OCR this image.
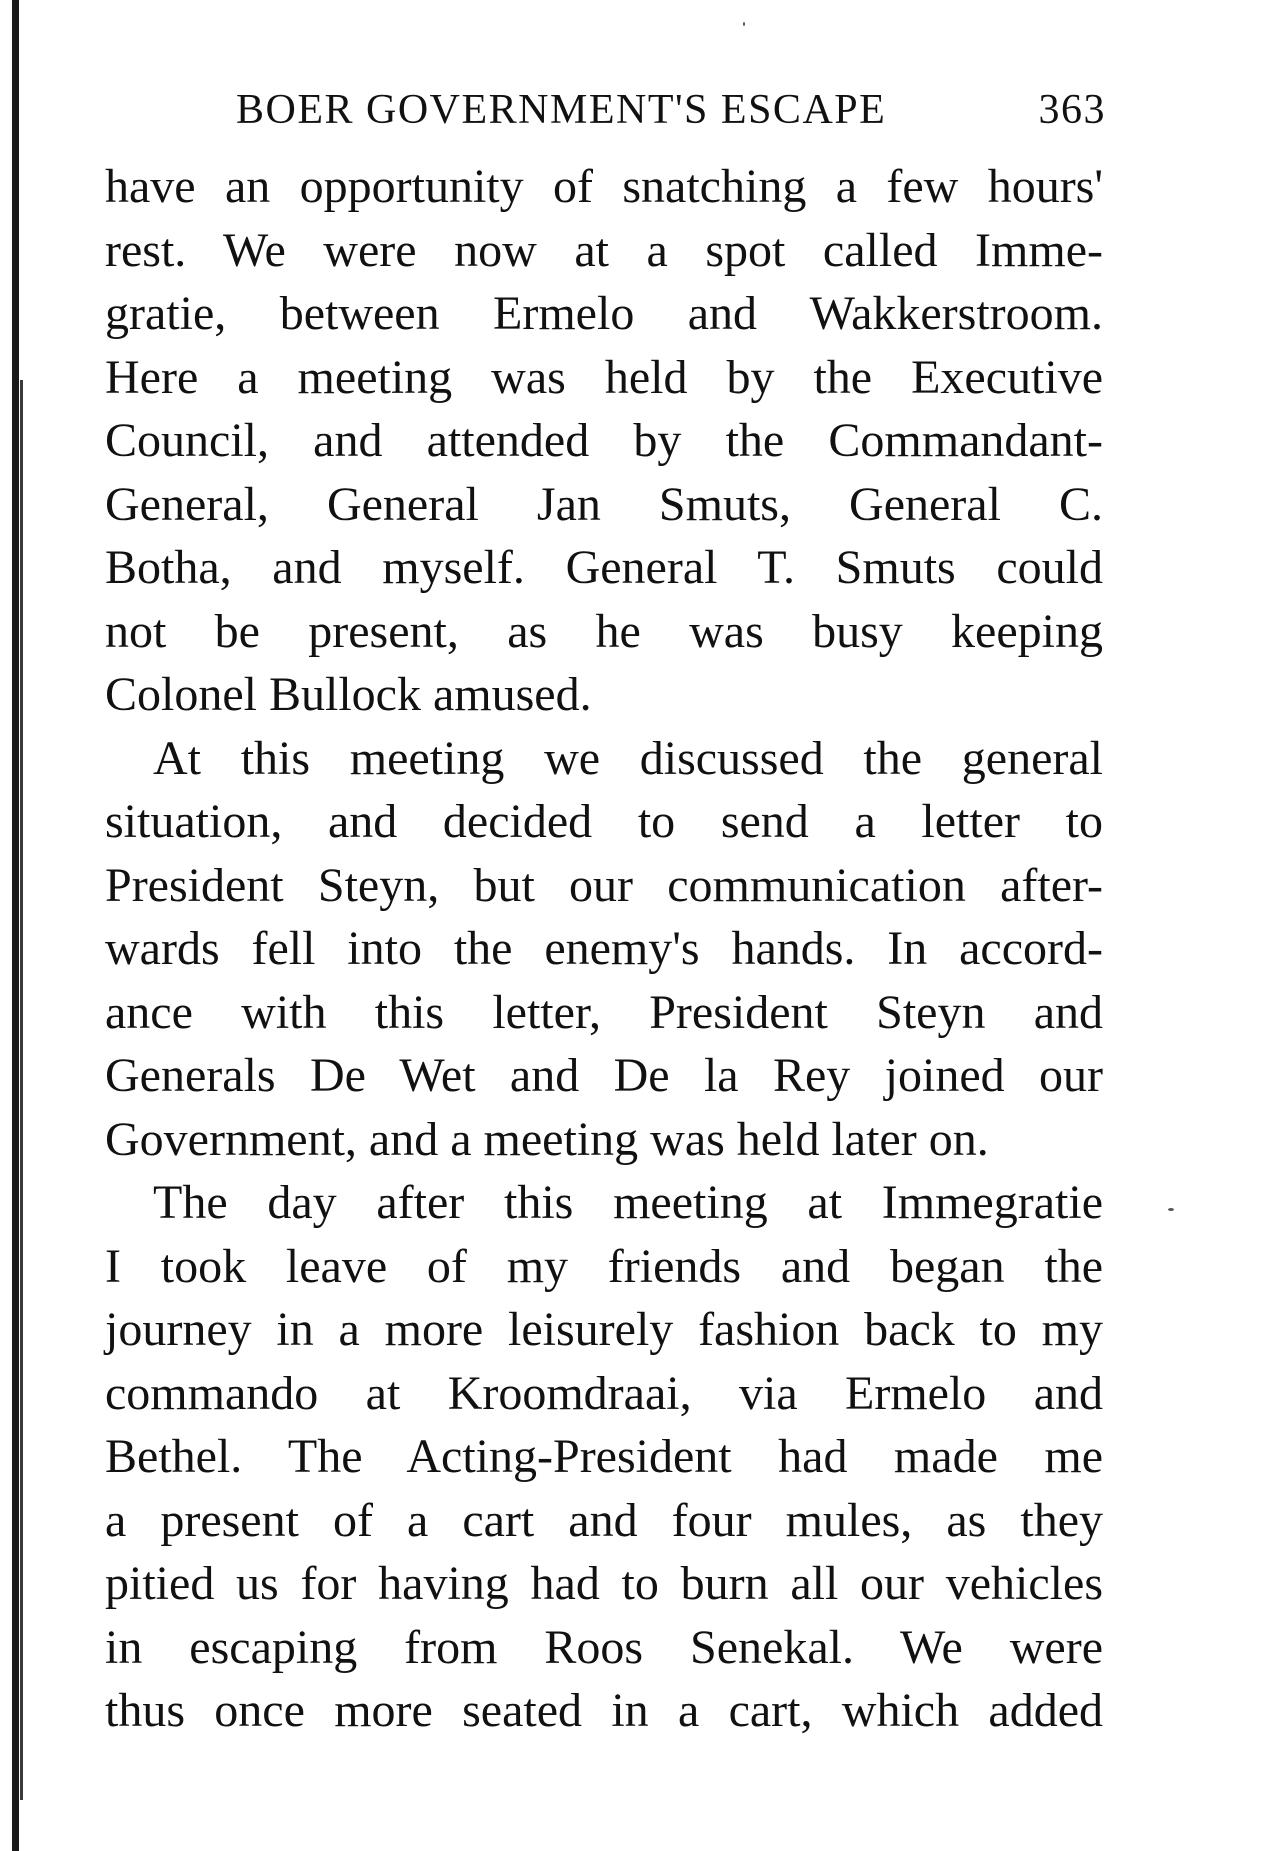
BOER GOVERNMENT'S ESCAPE	363
have an opportunity of snatching a few hours'
rest. We were now at a spot called Imme-
gratie, between Ermelo and Wakkerstroom.
Here a meeting was held by the Executive
Council, and attended by the Commandant-
General, General Jan Smuts, General C.
Botha, and myself. General T. Smuts could
not be present, as he was busy keeping
Colonel Bullock amused.
At this meeting we discussed the general
situation, and decided to send a letter to
President Steyn, but our communication after-
wards fell into the enemy's hands. In accord-
ance with this letter, President Steyn and
Generals De Wet and De la Rey joined our
Government, and a meeting was held later on.
The day after this meeting at Immegratie
I took leave of my friends and began the
journey in a more leisurely fashion back to my
commando at Kroomdraai, via Ermelo and
Bethel. The Acting-President had made me
a present of a cart and four mules, as they
pitied us for having had to burn all our vehicles
in escaping from Roos Senekal. We were
thus once more seated in a cart, which added
